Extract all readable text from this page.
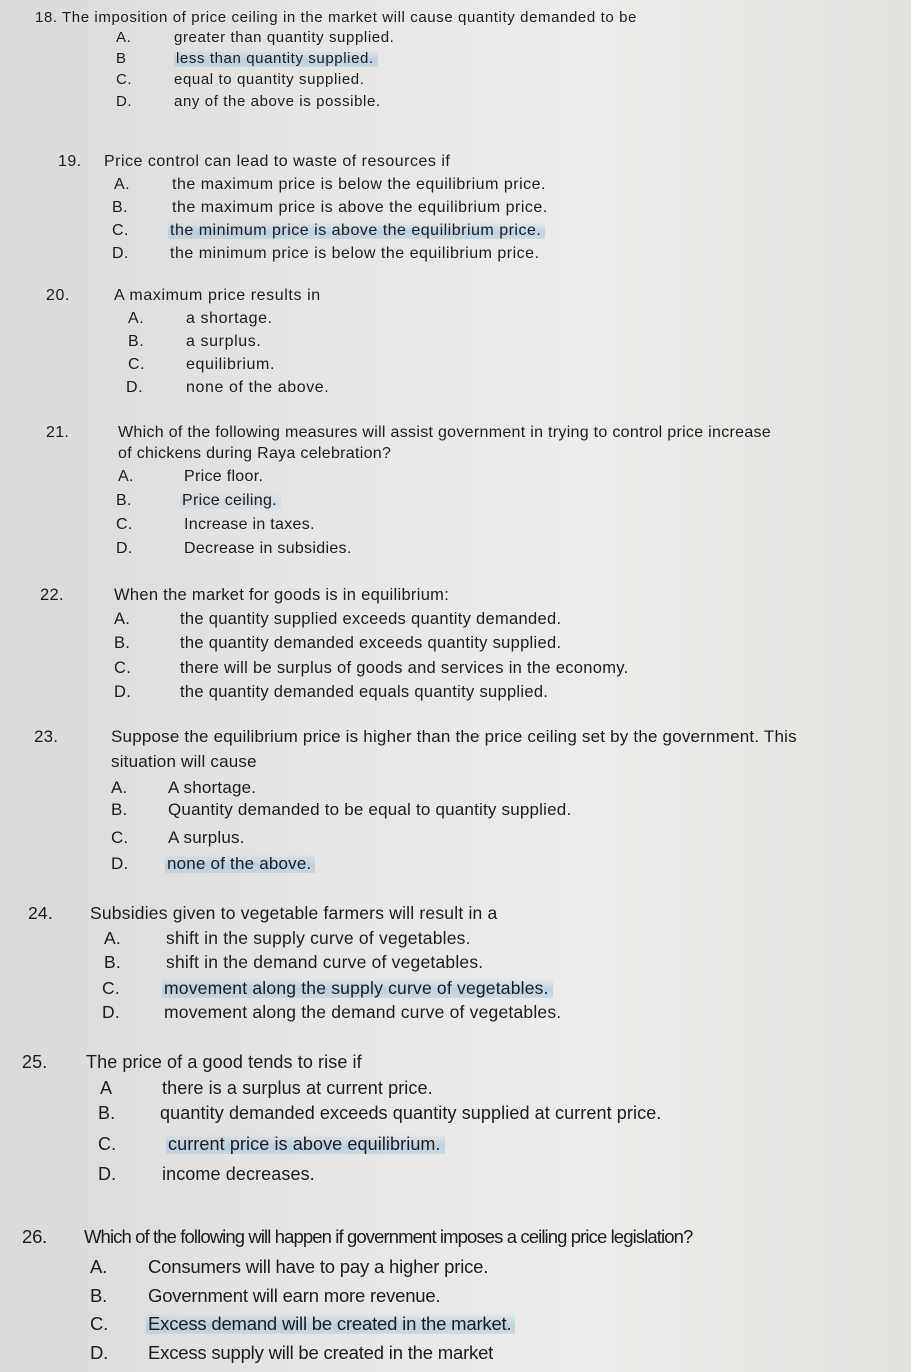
18. The imposition of price ceiling in the market will cause quantity demanded to be
A.	greater than quantity supplied.
B	less than quantity supplied.
C.	equal to quantity supplied.
D.	any of the above is possible.
19. Price control can lead to waste of resources if
A.	the maximum price is below the equilibrium price.
B.	the maximum price is above the equilibrium price.
C.	the minimum price is above the equilibrium price.
D.	the minimum price is below the equilibrium price.
20.	A maximum price results in
A.	a shortage.
B.	a surplus.
C.	equilibrium.
D.	none of the above.
21.	Which of the following measures will assist government in trying to control price increase
of chickens during Raya celebration?
A.	Price floor.
B.	Price ceiling.
C.	Increase in taxes.
D.	Decrease in subsidies.
22.	When the market for goods is in equilibrium:
A.	the quantity supplied exceeds quantity demanded.
B.	the quantity demanded exceeds quantity supplied.
C.	there will be surplus of goods and services in the economy.
D.	the quantity demanded equals quantity supplied.
23.	Suppose the equilibrium price is higher than the price ceiling set by the government. This
situation will cause
A. A shortage.
B. Quantity demanded to be equal to quantity supplied.
C. A surplus.
D. none of the above.
24. Subsidies given to vegetable farmers will result in a
A.	shift in the supply curve of vegetables.
B.	shift in the demand curve of vegetables.
C.	movement along the supply curve of vegetables.
D.	movement along the demand curve of vegetables.
25. The price of a good tends to rise if
A	there is a surplus at current price.
B. quantity demanded exceeds quantity supplied at current price.
C.	current price is above equilibrium.
D.	income decreases.
26. Which of the following will happen if government imposes a ceiling price legislation?
A. Consumers will have to pay a higher price.
B. Government will earn more revenue.
C. Excess demand will be created in the market.
D. Excess supply will be created in the market
